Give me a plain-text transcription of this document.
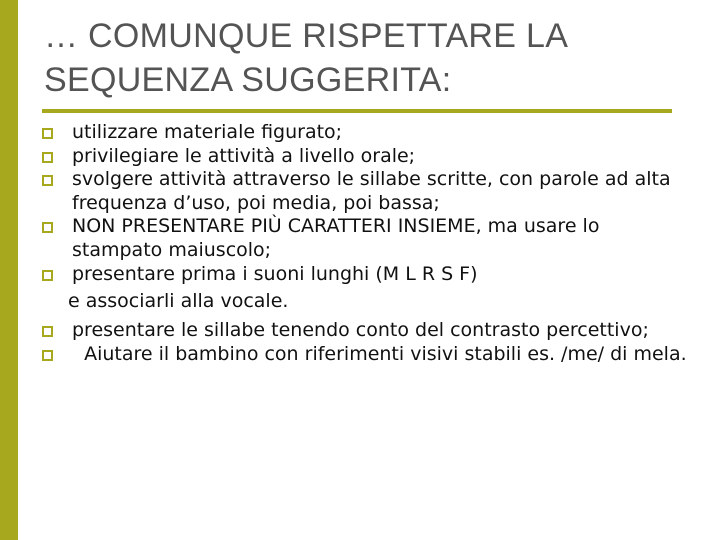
… COMUNQUE RISPETTARE LA
SEQUENZA SUGGERITA:
utilizzare materiale figurato;
privilegiare le attività a livello orale;
svolgere attività attraverso le sillabe scritte, con parole ad alta frequenza d’uso, poi media, poi bassa;
NON PRESENTARE PIÙ CARATTERI INSIEME, ma usare lo   stampato maiuscolo;
presentare prima i suoni lunghi (M L R S F)
e associarli alla vocale.
presentare le sillabe tenendo conto del contrasto percettivo;
Aiutare il bambino con riferimenti visivi stabili es. /me/ di mela.
